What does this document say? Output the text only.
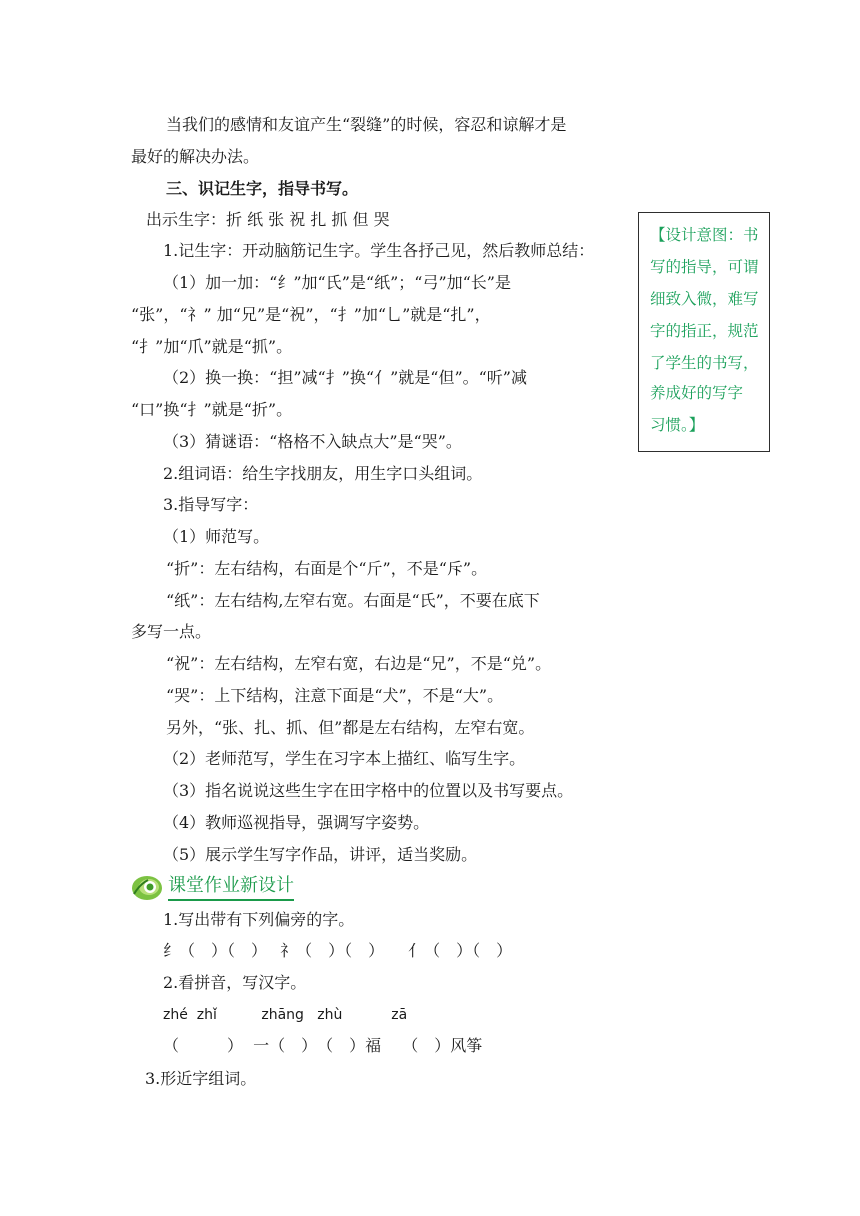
当我们的感情和友谊产生“裂缝”的时候，容忍和谅解才是
最好的解决办法。
三、识记生字，指导书写。
出示生字：折 纸 张 祝 扎 抓 但 哭
1.记生字：开动脑筋记生字。学生各抒己见，然后教师总结：
（1）加一加：“纟”加“氏”是“纸”；“弓”加“长”是
“张”，“礻” 加“兄”是“祝”，“扌”加“乚”就是“扎”，
“扌”加“爪”就是“抓”。
（2）换一换：“担”减“扌”换“亻”就是“但”。“听”减
“口”换“扌”就是“折”。
（3）猜谜语：“格格不入缺点大”是“哭”。
2.组词语：给生字找朋友，用生字口头组词。
3.指导写字：
（1）师范写。
“折”：左右结构，右面是个“斤”，不是“斥”。
“纸”：左右结构,左窄右宽。右面是“氏”，不要在底下
多写一点。
“祝”：左右结构，左窄右宽，右边是“兄”，不是“兑”。
“哭”：上下结构，注意下面是“犬”，不是“大”。
另外，“张、扎、抓、但”都是左右结构，左窄右宽。
（2）老师范写，学生在习字本上描红、临写生字。
（3）指名说说这些生字在田字格中的位置以及书写要点。
（4）教师巡视指导，强调写字姿势。
（5）展示学生写字作品，讲评，适当奖励。
【设计意图：书
写的指导，可谓
细致入微，难写
字的指正，规范
了学生的书写，
养成好的写字
习惯。】
课堂作业新设计
1.写出带有下列偏旁的字。
纟（　）（　）　 礻（　）（　）　　亻（　）（　）
2.看拼音，写汉字。
zhé  zhǐ          zhāng   zhù           zā
（　　　）  一（　）　（　）福　 （　）风筝
3.形近字组词。
